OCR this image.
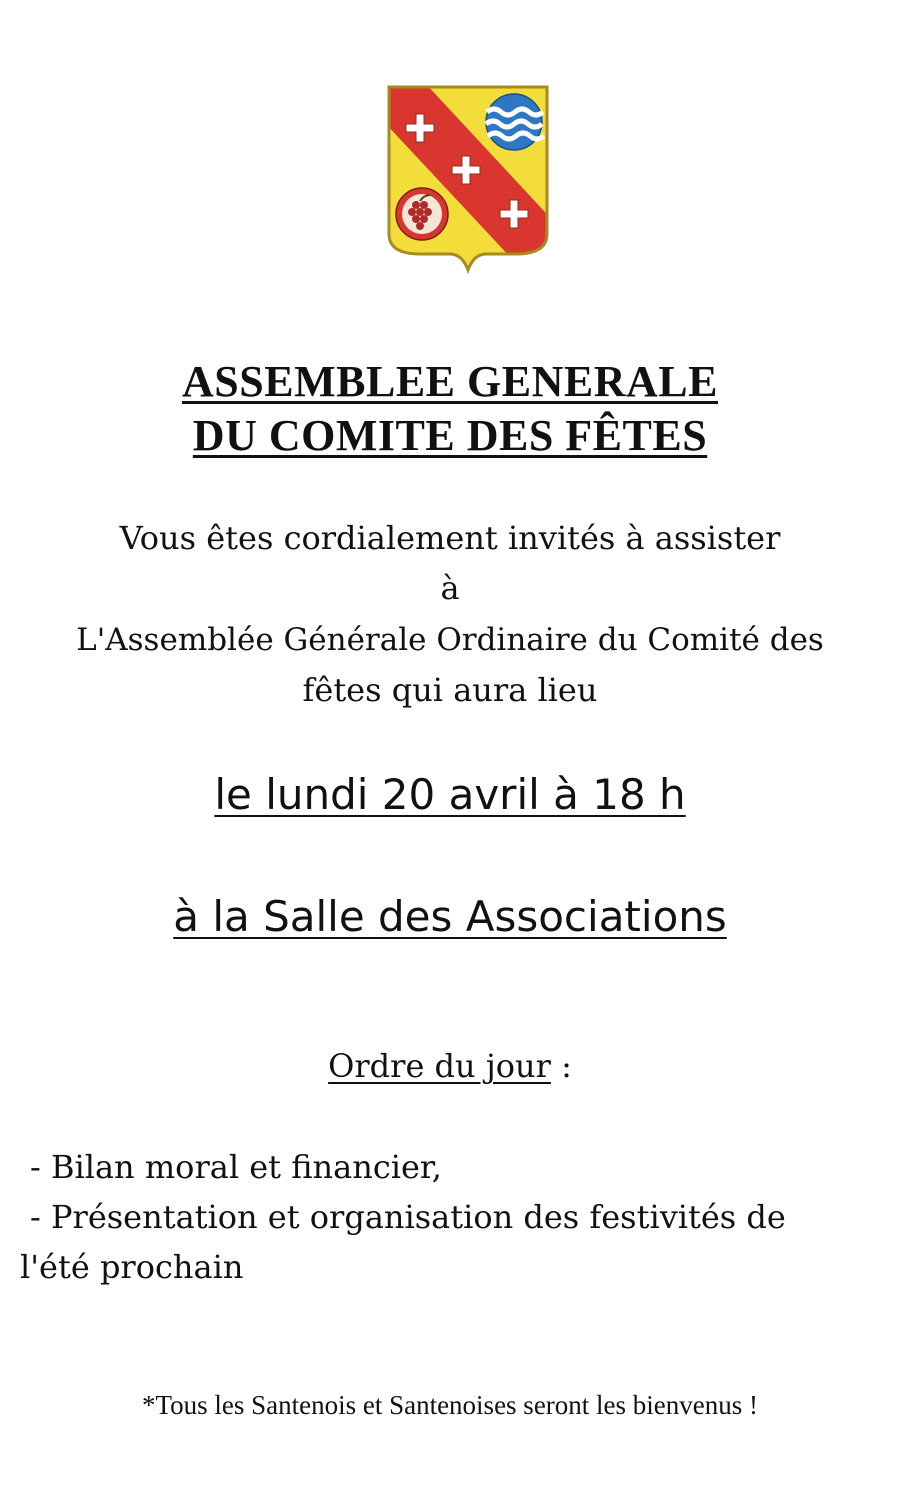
ASSEMBLEE GENERALE
DU COMITE DES FÊTES
Vous êtes cordialement invités à assister
à
L'Assemblée Générale Ordinaire du Comité des
fêtes qui aura lieu
le lundi 20 avril à 18 h
à la Salle des Associations
Ordre du jour :
- Bilan moral et financier,
- Présentation et organisation des festivités de
l'été prochain
*Tous les Santenois et Santenoises seront les bienvenus !
